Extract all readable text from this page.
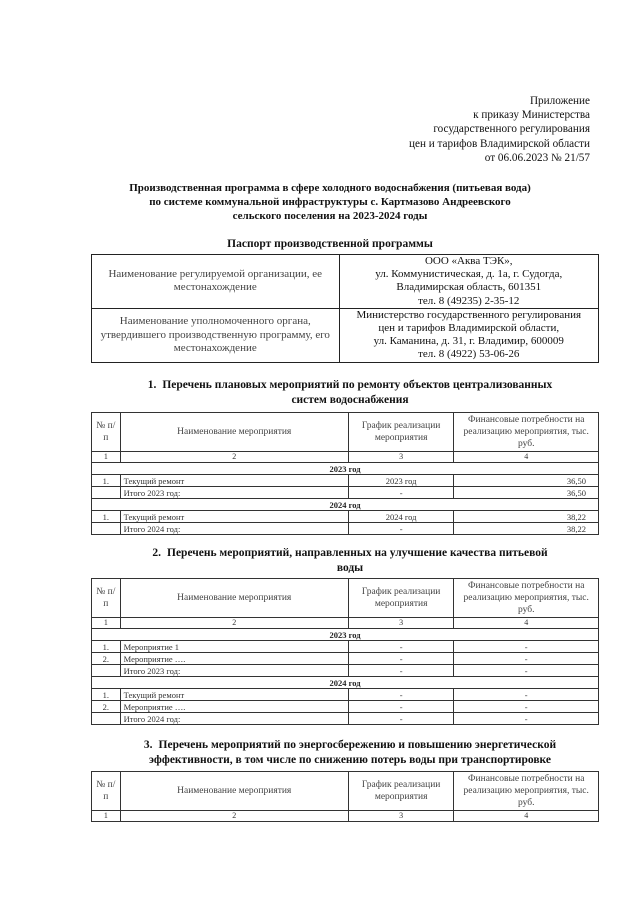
Приложение
к приказу Министерства
государственного регулирования
цен и тарифов Владимирской области
от 06.06.2023 № 21/57
Производственная программа в сфере холодного водоснабжения (питьевая вода)
по системе коммунальной инфраструктуры с. Картмазово Андреевского
сельского поселения на 2023-2024 годы
Паспорт производственной программы
Наименование регулируемой организации, ее местонахождение	ООО «Аква ТЭК»,
ул. Коммунистическая, д. 1а, г. Судогда,
Владимирская область, 601351
тел. 8 (49235) 2-35-12

Наименование уполномоченного органа, утвердившего производственную программу, его местонахождение	Министерство государственного регулирования
цен и тарифов Владимирской области,
ул. Каманина, д. 31, г. Владимир, 600009
тел. 8 (4922) 53-06-26
1. Перечень плановых мероприятий по ремонту объектов централизованных
систем водоснабжения
№ п/п	Наименование мероприятия	График реализации мероприятия	Финансовые потребности на реализацию мероприятия, тыс. руб.
1	2	3	4
2023 год			
1.	Текущий ремонт	2023 год	36,50
	Итого 2023 год:	-	36,50
2024 год			
1.	Текущий ремонт	2024 год	38,22
	Итого 2024 год:	-	38,22
2. Перечень мероприятий, направленных на улучшение качества питьевой
воды
№ п/п	Наименование мероприятия	График реализации мероприятия	Финансовые потребности на реализацию мероприятия, тыс. руб.
1	2	3	4
2023 год			
1.	Мероприятие 1	-	-
2.	Мероприятие ….	-	-
	Итого 2023 год:	-	-
2024 год			
1.	Текущий ремонт	-	-
2.	Мероприятие ….	-	-
	Итого 2024 год:	-	-
3. Перечень мероприятий по энергосбережению и повышению энергетической
эффективности, в том числе по снижению потерь воды при транспортировке
№ п/п	Наименование мероприятия	График реализации мероприятия	Финансовые потребности на реализацию мероприятия, тыс. руб.
1	2	3	4
